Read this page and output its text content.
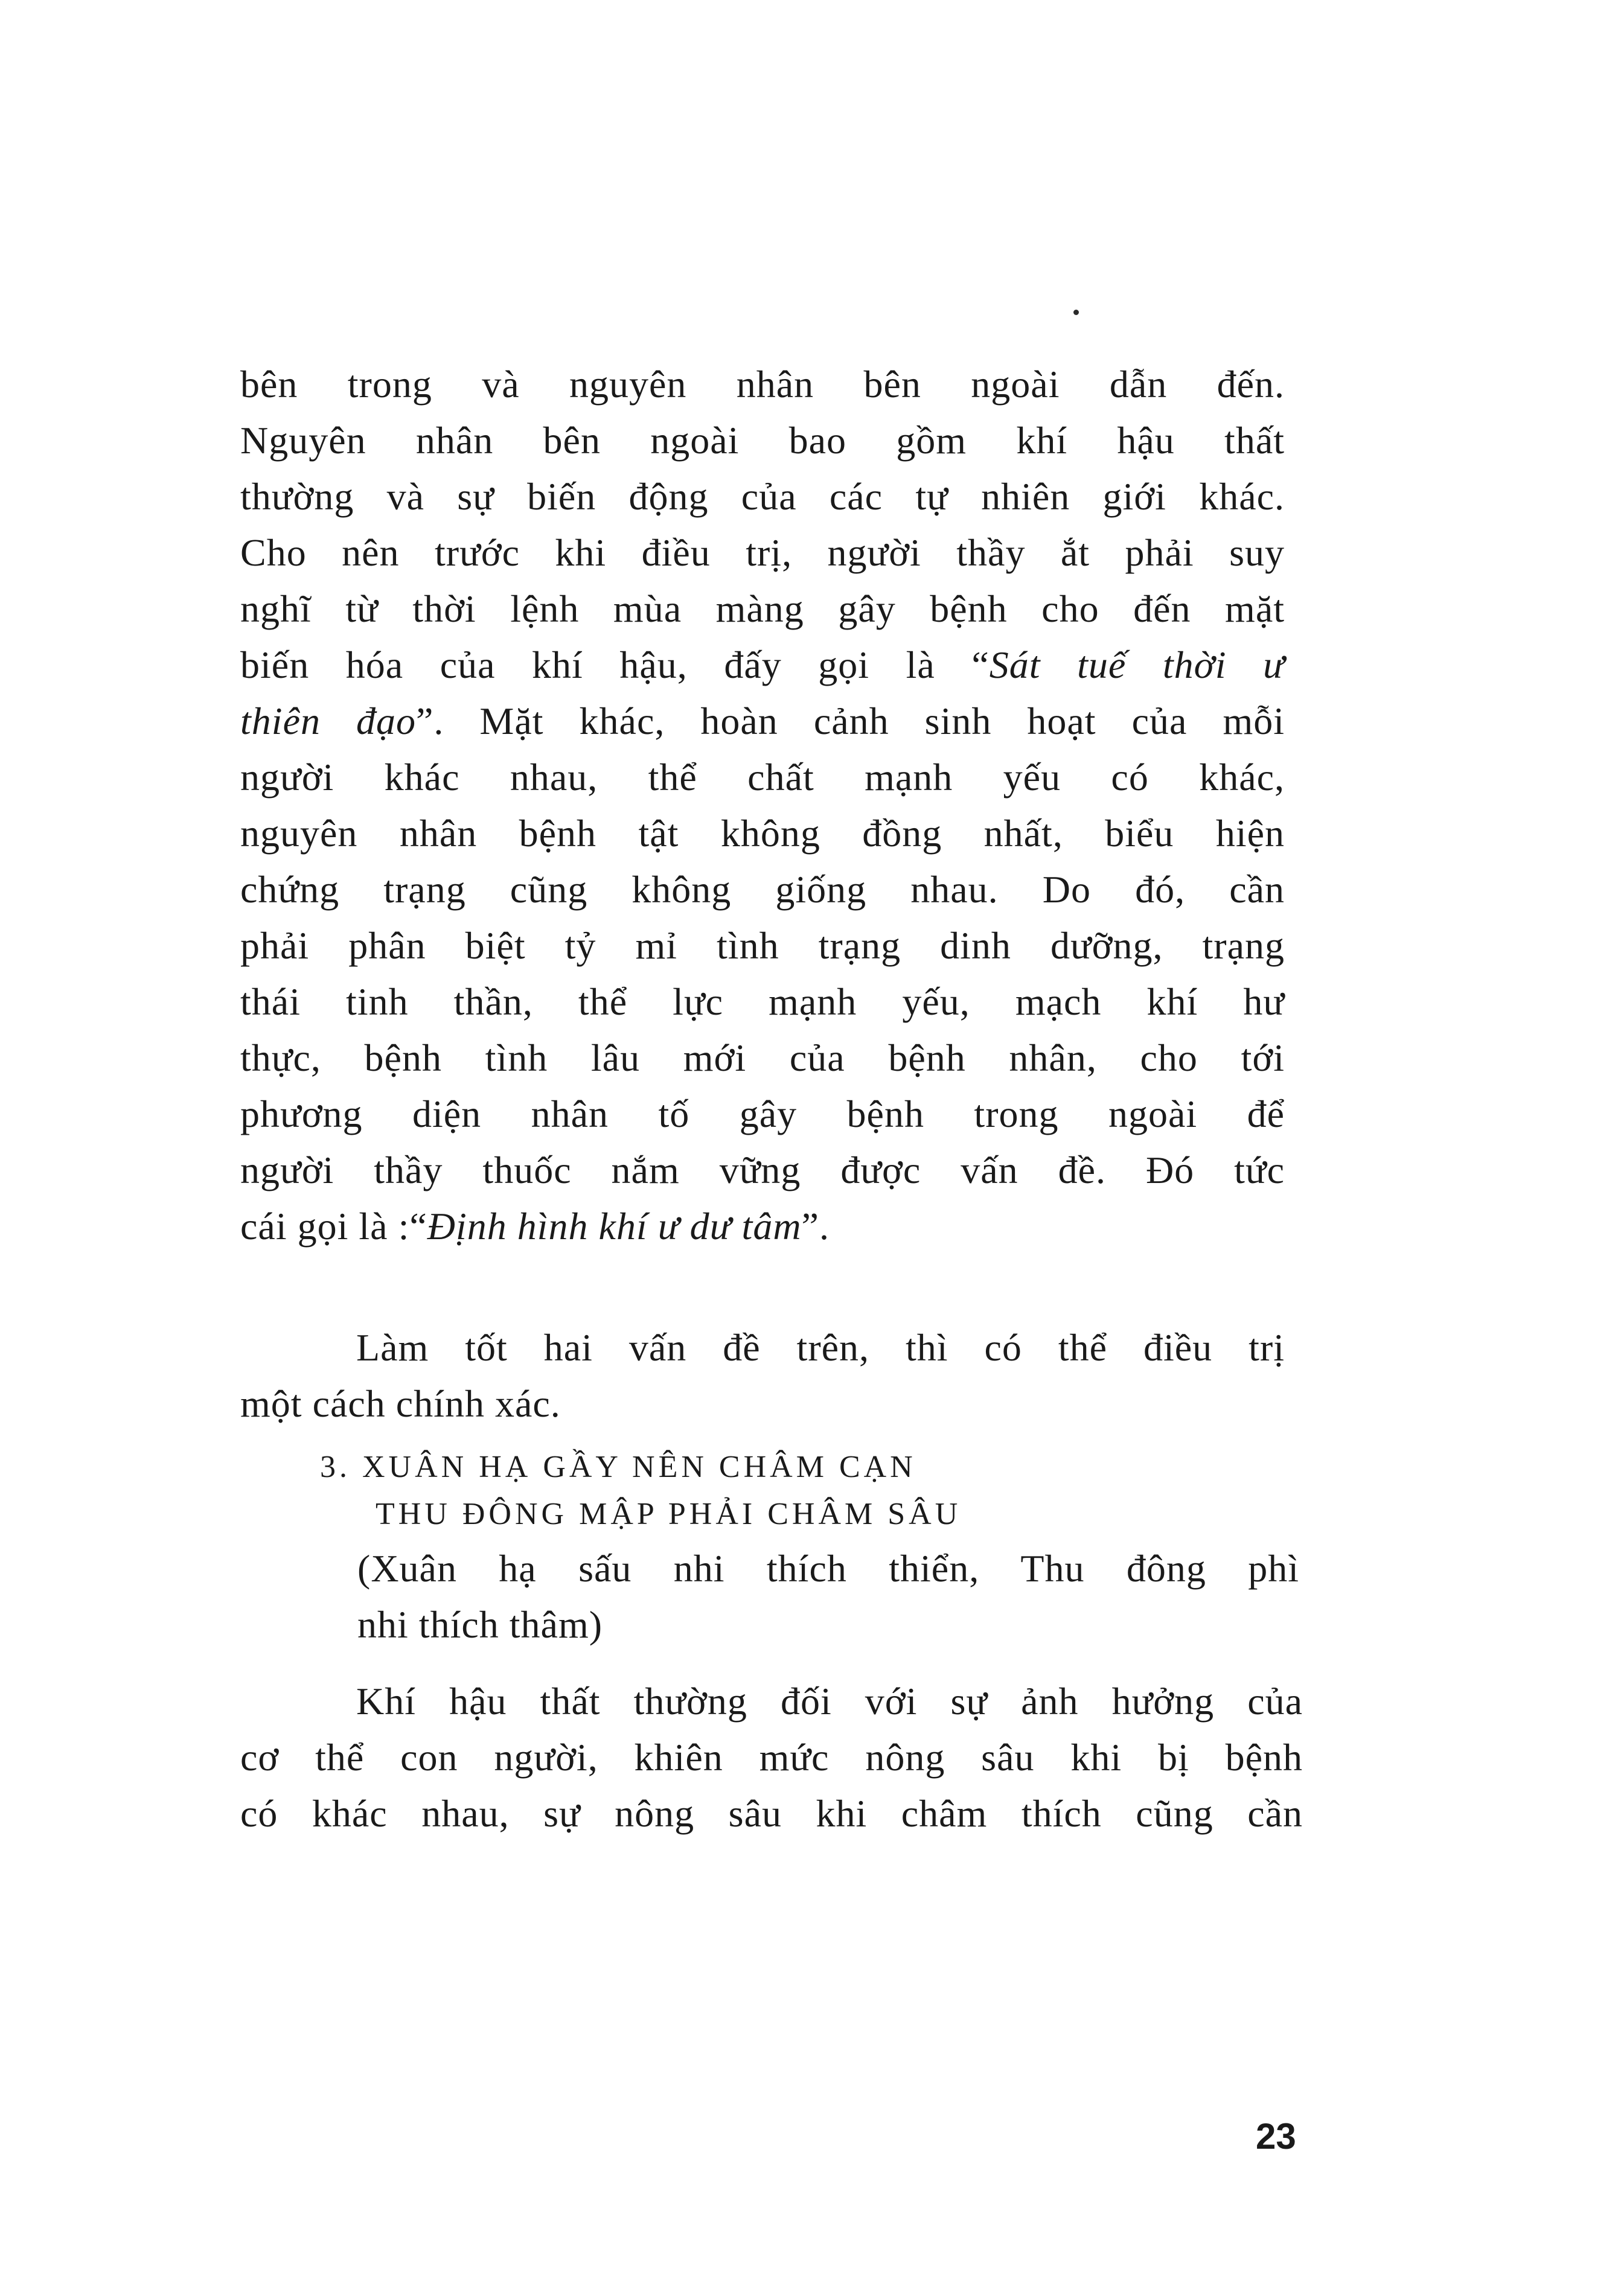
bên trong và nguyên nhân bên ngoài dẫn đến.
Nguyên nhân bên ngoài bao gồm khí hậu thất
thường và sự biến động của các tự nhiên giới khác.
Cho nên trước khi điều trị, người thầy ắt phải suy
nghĩ từ thời lệnh mùa màng gây bệnh cho đến mặt
biến hóa của khí hậu, đấy gọi là “Sát tuế thời ư
thiên đạo”. Mặt khác, hoàn cảnh sinh hoạt của mỗi
người khác nhau, thể chất mạnh yếu có khác,
nguyên nhân bệnh tật không đồng nhất, biểu hiện
chứng trạng cũng không giống nhau. Do đó, cần
phải phân biệt tỷ mỉ tình trạng dinh dưỡng, trạng
thái tinh thần, thể lực mạnh yếu, mạch khí hư
thực, bệnh tình lâu mới của bệnh nhân, cho tới
phương diện nhân tố gây bệnh trong ngoài để
người thầy thuốc nắm vững được vấn đề. Đó tức
cái gọi là :“Định hình khí ư dư tâm”.
Làm tốt hai vấn đề trên, thì có thể điều trị
một cách chính xác.
3. XUÂN HẠ GẦY NÊN CHÂM CẠN
THU ĐÔNG MẬP PHẢI CHÂM SÂU
(Xuân hạ sấu nhi thích thiển, Thu đông phì
nhi thích thâm)
Khí hậu thất thường đối với sự ảnh hưởng của
cơ thể con người, khiên mức nông sâu khi bị bệnh
có khác nhau, sự nông sâu khi châm thích cũng cần
23
